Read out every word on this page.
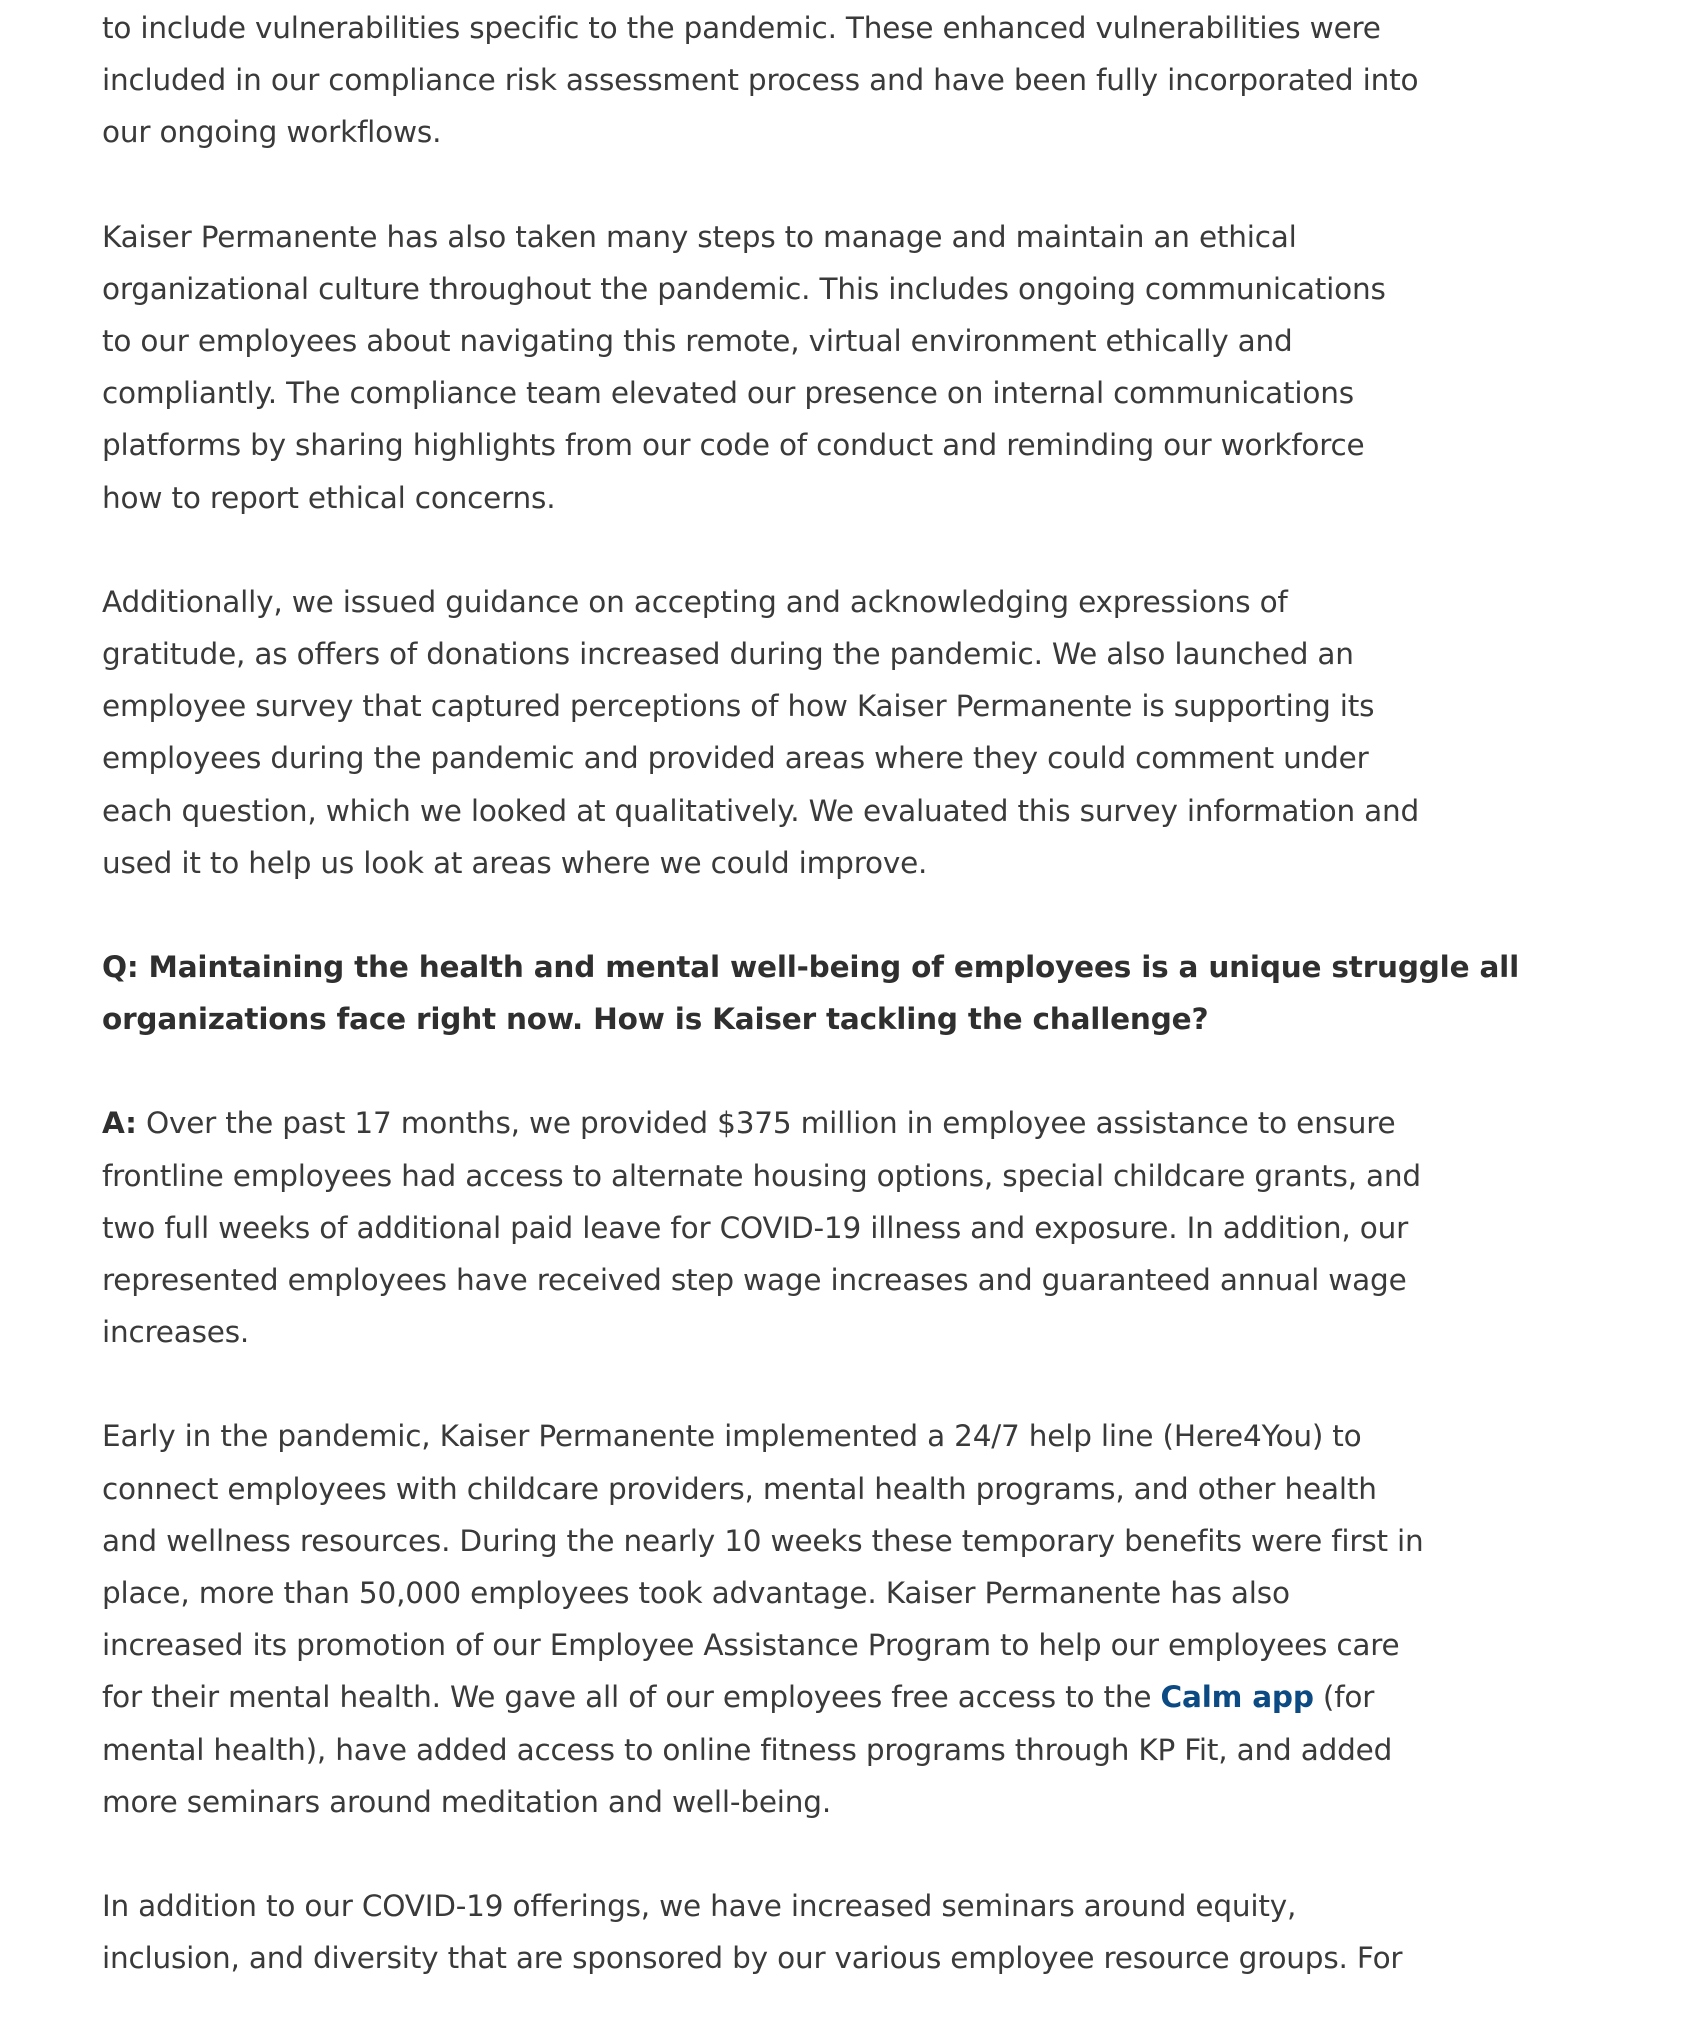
to include vulnerabilities specific to the pandemic. These enhanced vulnerabilities were
included in our compliance risk assessment process and have been fully incorporated into
our ongoing workflows.
Kaiser Permanente has also taken many steps to manage and maintain an ethical
organizational culture throughout the pandemic. This includes ongoing communications
to our employees about navigating this remote, virtual environment ethically and
compliantly. The compliance team elevated our presence on internal communications
platforms by sharing highlights from our code of conduct and reminding our workforce
how to report ethical concerns.
Additionally, we issued guidance on accepting and acknowledging expressions of
gratitude, as offers of donations increased during the pandemic. We also launched an
employee survey that captured perceptions of how Kaiser Permanente is supporting its
employees during the pandemic and provided areas where they could comment under
each question, which we looked at qualitatively. We evaluated this survey information and
used it to help us look at areas where we could improve.
Q: Maintaining the health and mental well-being of employees is a unique struggle all
organizations face right now. How is Kaiser tackling the challenge?
A: Over the past 17 months, we provided $375 million in employee assistance to ensure
frontline employees had access to alternate housing options, special childcare grants, and
two full weeks of additional paid leave for COVID-19 illness and exposure. In addition, our
represented employees have received step wage increases and guaranteed annual wage
increases.
Early in the pandemic, Kaiser Permanente implemented a 24/7 help line (Here4You) to
connect employees with childcare providers, mental health programs, and other health
and wellness resources. During the nearly 10 weeks these temporary benefits were first in
place, more than 50,000 employees took advantage. Kaiser Permanente has also
increased its promotion of our Employee Assistance Program to help our employees care
for their mental health. We gave all of our employees free access to the Calm app (for
mental health), have added access to online fitness programs through KP Fit, and added
more seminars around meditation and well-being.
In addition to our COVID-19 offerings, we have increased seminars around equity,
inclusion, and diversity that are sponsored by our various employee resource groups. For
